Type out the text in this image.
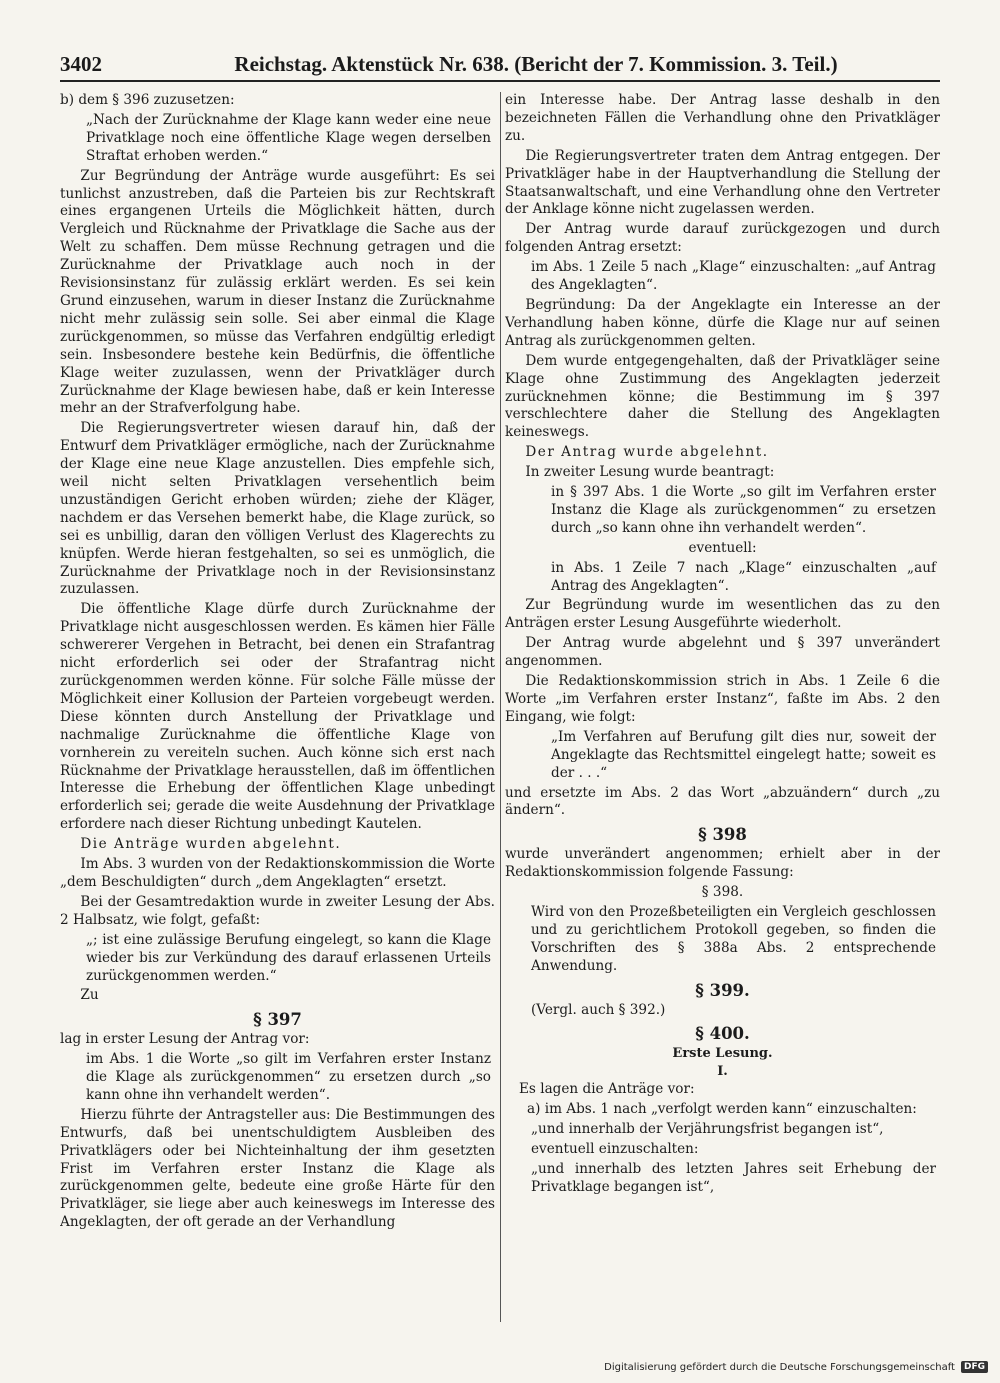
3402	Reichstag. Aktenstück Nr. 638. (Bericht der 7. Kommission. 3. Teil.)

b) dem § 396 zuzusetzen:

„Nach der Zurücknahme der Klage kann weder eine neue Privatklage noch eine öffentliche Klage wegen derselben Straftat erhoben werden.“

Zur Begründung der Anträge wurde ausgeführt: Es sei tunlichst anzustreben, daß die Parteien bis zur Rechtskraft eines ergangenen Urteils die Möglichkeit hätten, durch Vergleich und Rücknahme der Privatklage die Sache aus der Welt zu schaffen. Dem müsse Rechnung getragen und die Zurücknahme der Privatklage auch noch in der Revisionsinstanz für zulässig erklärt werden. Es sei kein Grund einzusehen, warum in dieser Instanz die Zurücknahme nicht mehr zulässig sein solle. Sei aber einmal die Klage zurückgenommen, so müsse das Verfahren endgültig erledigt sein. Insbesondere bestehe kein Bedürfnis, die öffentliche Klage weiter zuzulassen, wenn der Privatkläger durch Zurücknahme der Klage bewiesen habe, daß er kein Interesse mehr an der Strafverfolgung habe.

Die Regierungsvertreter wiesen darauf hin, daß der Entwurf dem Privatkläger ermögliche, nach der Zurücknahme der Klage eine neue Klage anzustellen. Dies empfehle sich, weil nicht selten Privatklagen versehentlich beim unzuständigen Gericht erhoben würden; ziehe der Kläger, nachdem er das Versehen bemerkt habe, die Klage zurück, so sei es unbillig, daran den völligen Verlust des Klagerechts zu knüpfen. Werde hieran festgehalten, so sei es unmöglich, die Zurücknahme der Privatklage noch in der Revisionsinstanz zuzulassen.

Die öffentliche Klage dürfe durch Zurücknahme der Privatklage nicht ausgeschlossen werden. Es kämen hier Fälle schwererer Vergehen in Betracht, bei denen ein Strafantrag nicht erforderlich sei oder der Strafantrag nicht zurückgenommen werden könne. Für solche Fälle müsse der Möglichkeit einer Kollusion der Parteien vorgebeugt werden. Diese könnten durch Anstellung der Privatklage und nachmalige Zurücknahme die öffentliche Klage von vornherein zu vereiteln suchen. Auch könne sich erst nach Rücknahme der Privatklage herausstellen, daß im öffentlichen Interesse die Erhebung der öffentlichen Klage unbedingt erforderlich sei; gerade die weite Ausdehnung der Privatklage erfordere nach dieser Richtung unbedingt Kautelen.

Die Anträge wurden abgelehnt.

Im Abs. 3 wurden von der Redaktionskommission die Worte „dem Beschuldigten“ durch „dem Angeklagten“ ersetzt.

Bei der Gesamtredaktion wurde in zweiter Lesung der Abs. 2 Halbsatz, wie folgt, gefaßt:

„; ist eine zulässige Berufung eingelegt, so kann die Klage wieder bis zur Verkündung des darauf erlassenen Urteils zurückgenommen werden.“

Zu

§ 397

lag in erster Lesung der Antrag vor:

im Abs. 1 die Worte „so gilt im Verfahren erster Instanz die Klage als zurückgenommen“ zu ersetzen durch „so kann ohne ihn verhandelt werden“.

Hierzu führte der Antragsteller aus: Die Bestimmungen des Entwurfs, daß bei unentschuldigtem Ausbleiben des Privatklägers oder bei Nichteinhaltung der ihm gesetzten Frist im Verfahren erster Instanz die Klage als zurückgenommen gelte, bedeute eine große Härte für den Privatkläger, sie liege aber auch keineswegs im Interesse des Angeklagten, der oft gerade an der Verhandlung

ein Interesse habe. Der Antrag lasse deshalb in den bezeichneten Fällen die Verhandlung ohne den Privatkläger zu.

Die Regierungsvertreter traten dem Antrag entgegen. Der Privatkläger habe in der Hauptverhandlung die Stellung der Staatsanwaltschaft, und eine Verhandlung ohne den Vertreter der Anklage könne nicht zugelassen werden.

Der Antrag wurde darauf zurückgezogen und durch folgenden Antrag ersetzt:

im Abs. 1 Zeile 5 nach „Klage“ einzuschalten: „auf Antrag des Angeklagten“.

Begründung: Da der Angeklagte ein Interesse an der Verhandlung haben könne, dürfe die Klage nur auf seinen Antrag als zurückgenommen gelten.

Dem wurde entgegengehalten, daß der Privatkläger seine Klage ohne Zustimmung des Angeklagten jederzeit zurücknehmen könne; die Bestimmung im § 397 verschlechtere daher die Stellung des Angeklagten keineswegs.

Der Antrag wurde abgelehnt.

In zweiter Lesung wurde beantragt:

in § 397 Abs. 1 die Worte „so gilt im Verfahren erster Instanz die Klage als zurückgenommen“ zu ersetzen durch „so kann ohne ihn verhandelt werden“.

eventuell:

in Abs. 1 Zeile 7 nach „Klage“ einzuschalten „auf Antrag des Angeklagten“.

Zur Begründung wurde im wesentlichen das zu den Anträgen erster Lesung Ausgeführte wiederholt.

Der Antrag wurde abgelehnt und § 397 unverändert angenommen.

Die Redaktionskommission strich in Abs. 1 Zeile 6 die Worte „im Verfahren erster Instanz“, faßte im Abs. 2 den Eingang, wie folgt:

„Im Verfahren auf Berufung gilt dies nur, soweit der Angeklagte das Rechtsmittel eingelegt hatte; soweit es der . . .“

und ersetzte im Abs. 2 das Wort „abzuändern“ durch „zu ändern“.

§ 398

wurde unverändert angenommen; erhielt aber in der Redaktionskommission folgende Fassung:

§ 398.

Wird von den Prozeßbeteiligten ein Vergleich geschlossen und zu gerichtlichem Protokoll gegeben, so finden die Vorschriften des § 388a Abs. 2 entsprechende Anwendung.

§ 399.

(Vergl. auch § 392.)

§ 400.

Erste Lesung.

I.

Es lagen die Anträge vor:

a) im Abs. 1 nach „verfolgt werden kann“ einzuschalten:

„und innerhalb der Verjährungsfrist begangen ist“,

eventuell einzuschalten:

„und innerhalb des letzten Jahres seit Erhebung der Privatklage begangen ist“,

Digitalisierung gefördert durch die Deutsche Forschungsgemeinschaft	DFG
